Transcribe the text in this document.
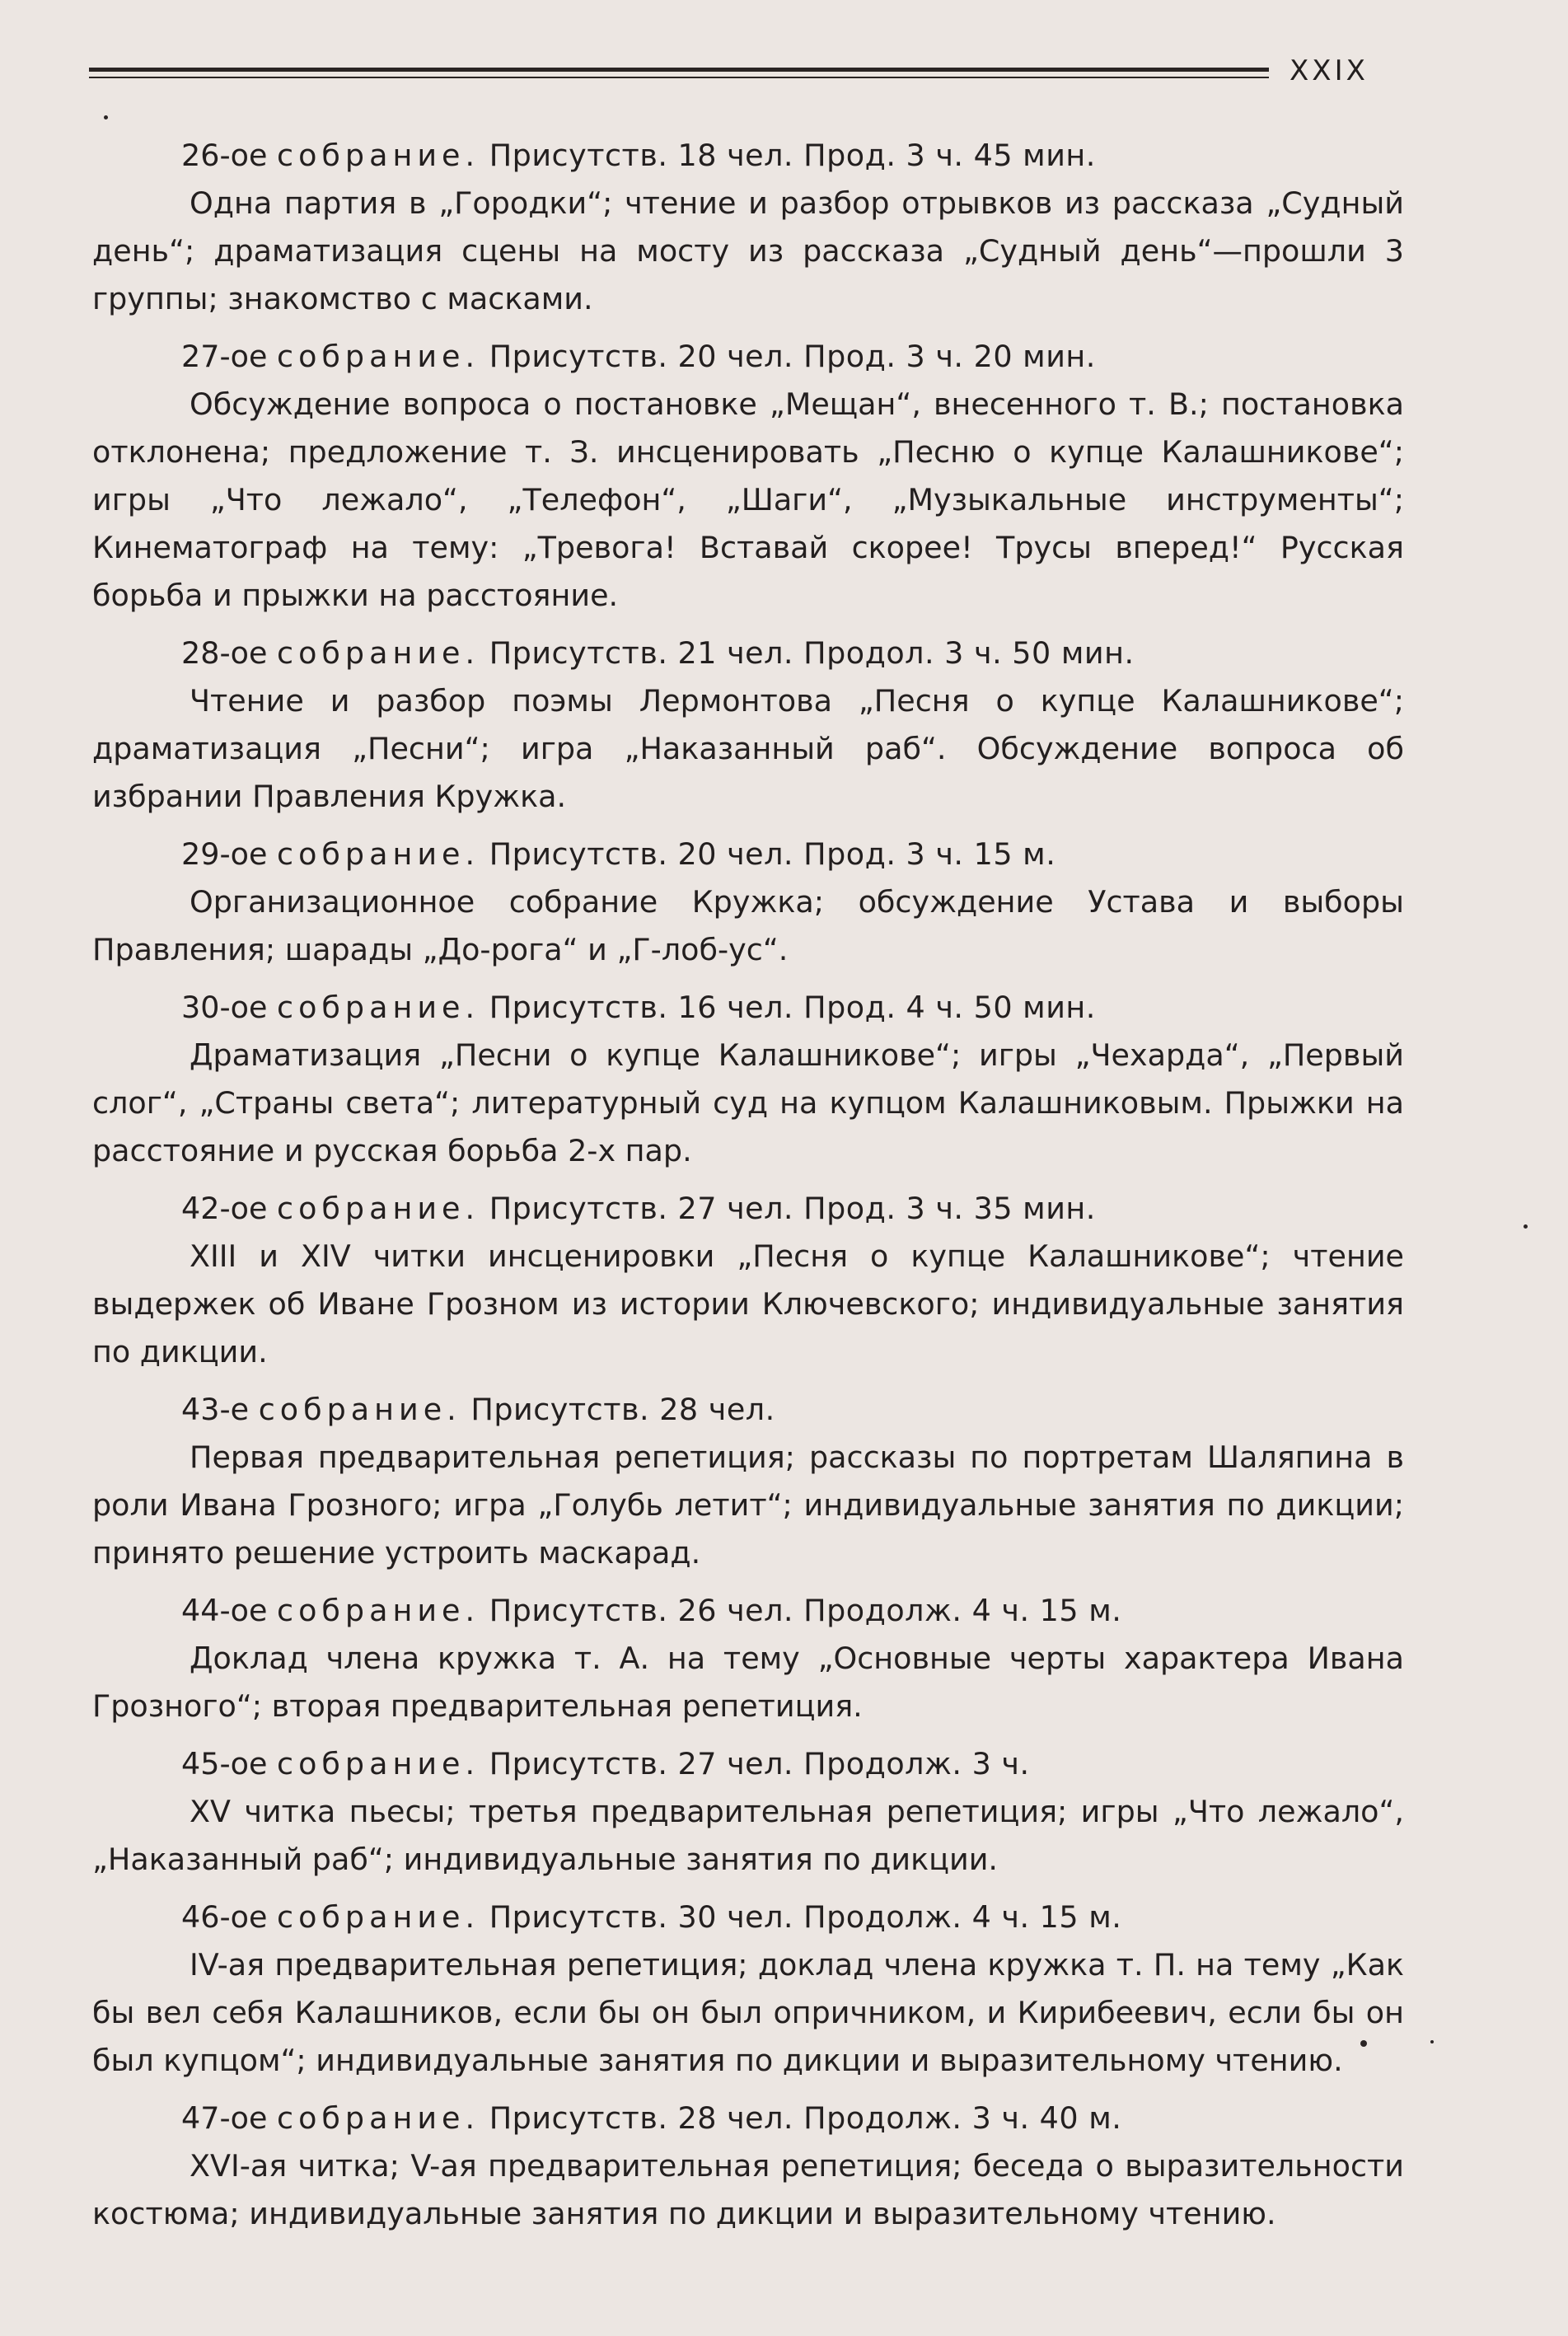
XXIX
26-ое собрание. Присутств. 18 чел. Прод. 3 ч. 45 мин.
Одна партия в „Городки“; чтение и разбор отрывков из рассказа „Судный день“; драматизация сцены на мосту из рассказа „Судный день“—прошли 3 группы; знакомство с масками.
27-ое собрание. Присутств. 20 чел. Прод. 3 ч. 20 мин.
Обсуждение вопроса о постановке „Мещан“, внесенного т. В.; постановка отклонена; предложение т. З. инсценировать „Песню о купце Калашникове“; игры „Что лежало“, „Телефон“, „Шаги“, „Музыкальные инструменты“; Кинематограф на тему: „Тревога! Вставай скорее! Трусы вперед!“ Русская борьба и прыжки на расстояние.
28-ое собрание. Присутств. 21 чел. Продол. 3 ч. 50 мин.
Чтение и разбор поэмы Лермонтова „Песня о купце Калашникове“; драматизация „Песни“; игра „Наказанный раб“. Обсуждение вопроса об избрании Правления Кружка.
29-ое собрание. Присутств. 20 чел. Прод. 3 ч. 15 м.
Организационное собрание Кружка; обсуждение Устава и выборы Правления; шарады „До-рога“ и „Г-лоб-ус“.
30-ое собрание. Присутств. 16 чел. Прод. 4 ч. 50 мин.
Драматизация „Песни о купце Калашникове“; игры „Чехарда“, „Первый слог“, „Страны света“; литературный суд на купцом Калашниковым. Прыжки на расстояние и русская борьба 2-х пар.
42-ое собрание. Присутств. 27 чел. Прод. 3 ч. 35 мин.
XIII и XIV читки инсценировки „Песня о купце Калашникове“; чтение выдержек об Иване Грозном из истории Ключевского; индивидуальные занятия по дикции.
43-е собрание. Присутств. 28 чел.
Первая предварительная репетиция; рассказы по портретам Шаляпина в роли Ивана Грозного; игра „Голубь летит“; индивидуальные занятия по дикции; принято решение устроить маскарад.
44-ое собрание. Присутств. 26 чел. Продолж. 4 ч. 15 м.
Доклад члена кружка т. А. на тему „Основные черты характера Ивана Грозного“; вторая предварительная репетиция.
45-ое собрание. Присутств. 27 чел. Продолж. 3 ч.
XV читка пьесы; третья предварительная репетиция; игры „Что лежало“, „Наказанный раб“; индивидуальные занятия по дикции.
46-ое собрание. Присутств. 30 чел. Продолж. 4 ч. 15 м.
IV-ая предварительная репетиция; доклад члена кружка т. П. на тему „Как бы вел себя Калашников, если бы он был опричником, и Кирибеевич, если бы он был купцом“; индивидуальные занятия по дикции и выразительному чтению.
47-ое собрание. Присутств. 28 чел. Продолж. 3 ч. 40 м.
XVI-ая читка; V-ая предварительная репетиция; беседа о выразительности костюма; индивидуальные занятия по дикции и выразительному чтению.
